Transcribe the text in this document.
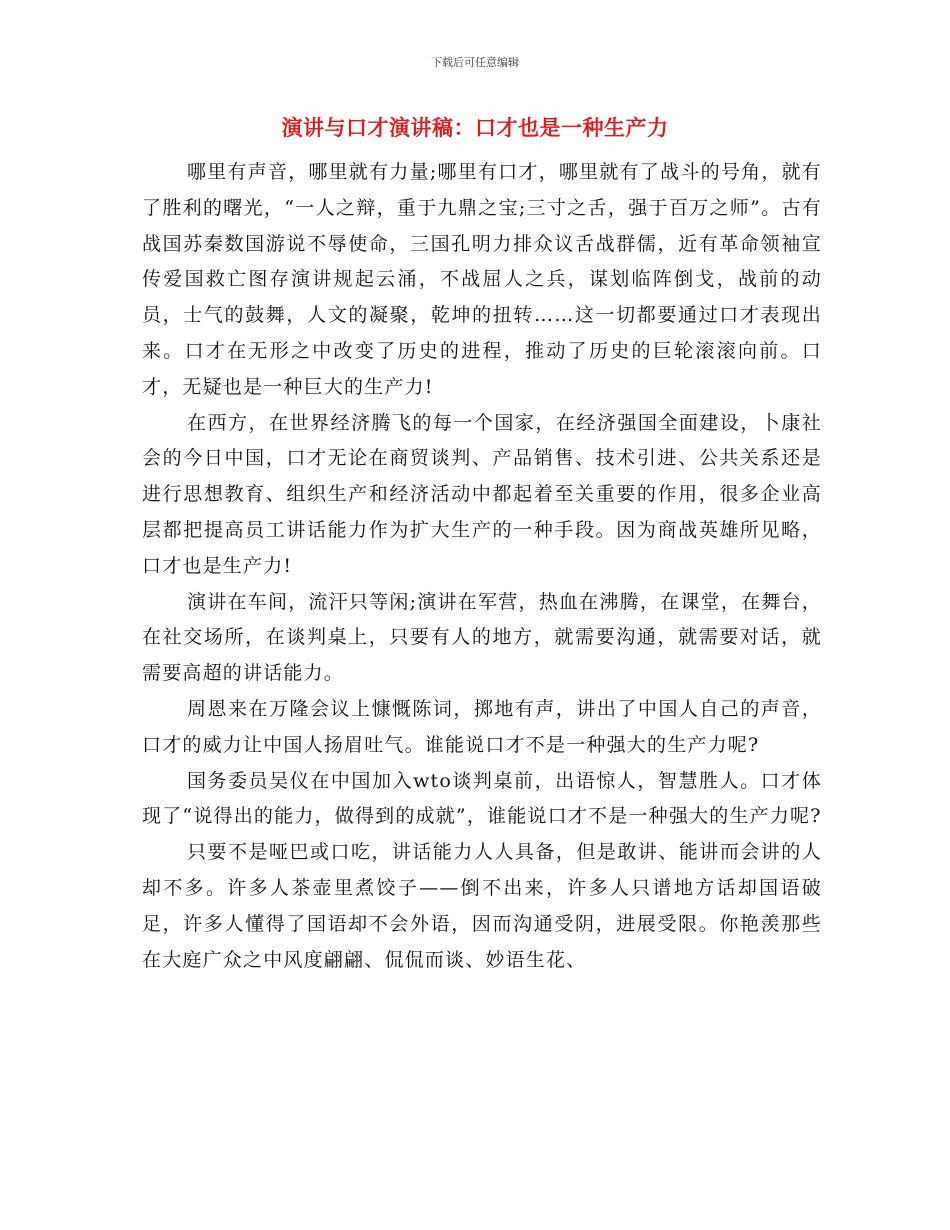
下载后可任意编辑
演讲与口才演讲稿：口才也是一种生产力

哪里有声音，哪里就有力量;哪里有口才，哪里就有了战斗的号角，就有了胜利的曙光，“一人之辩，重于九鼎之宝;三寸之舌，强于百万之师”。古有战国苏秦数国游说不辱使命，三国孔明力排众议舌战群儒，近有革命领袖宣传爱国救亡图存演讲规起云涌，不战屈人之兵，谋划临阵倒戈，战前的动员，士气的鼓舞，人文的凝聚，乾坤的扭转……这一切都要通过口才表现出来。口才在无形之中改变了历史的进程，推动了历史的巨轮滚滚向前。口才，无疑也是一种巨大的生产力!

在西方，在世界经济腾飞的每一个国家，在经济强国全面建设，卜康社会的今日中国，口才无论在商贸谈判、产品销售、技术引进、公共关系还是进行思想教育、组织生产和经济活动中都起着至关重要的作用，很多企业高层都把提高员工讲话能力作为扩大生产的一种手段。因为商战英雄所见略，口才也是生产力!

演讲在车间，流汗只等闲;演讲在军营，热血在沸腾，在课堂，在舞台，在社交场所，在谈判桌上，只要有人的地方，就需要沟通，就需要对话，就需要高超的讲话能力。

周恩来在万隆会议上慷慨陈词，掷地有声，讲出了中国人自己的声音，口才的威力让中国人扬眉吐气。谁能说口才不是一种强大的生产力呢?

国务委员吴仪在中国加入wto谈判桌前，出语惊人，智慧胜人。口才体现了“说得出的能力，做得到的成就”，谁能说口才不是一种强大的生产力呢?

只要不是哑巴或口吃，讲话能力人人具备，但是敢讲、能讲而会讲的人却不多。许多人茶壶里煮饺子——倒不出来，许多人只谱地方话却国语破足，许多人懂得了国语却不会外语，因而沟通受阴，进展受限。你艳羡那些在大庭广众之中风度翩翩、侃侃而谈、妙语生花、
